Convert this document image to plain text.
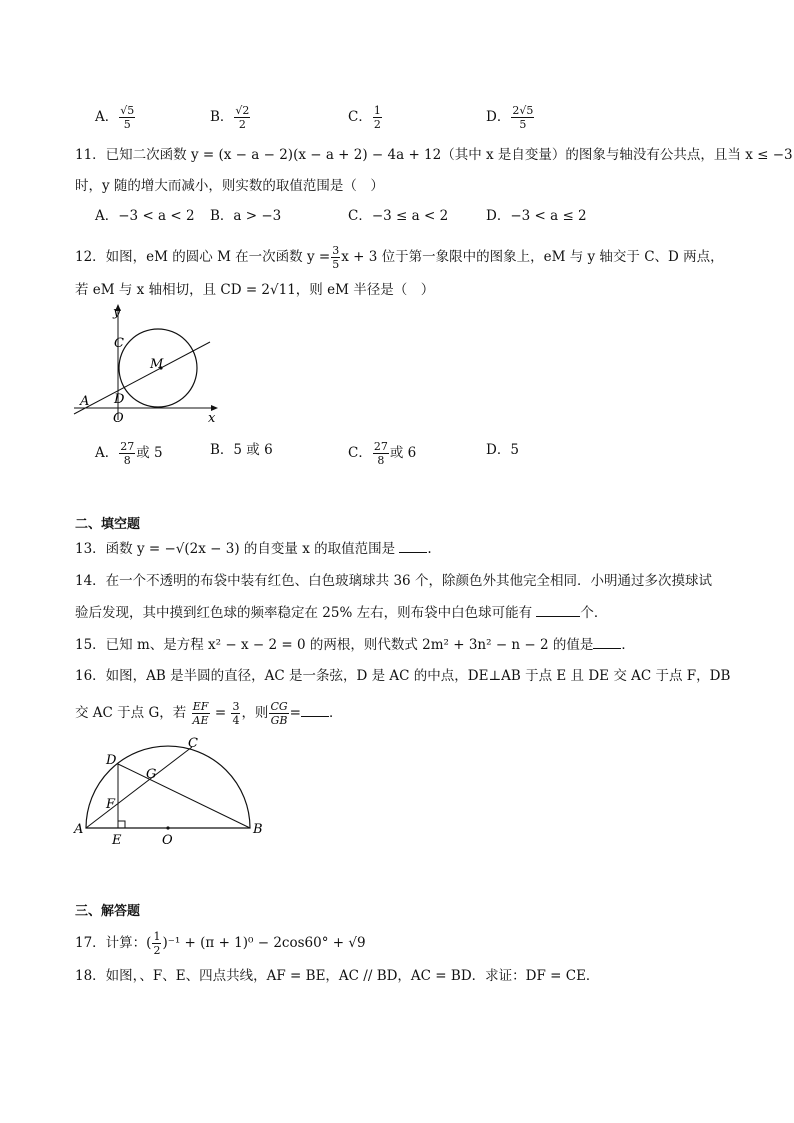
A． $\frac{√5}{5}$	B． $\frac{√2}{2}$	C． $\frac{1}{2}$	D． $\frac{2√5}{5}$
11．已知二次函数 y = (x − a − 2)(x − a + 2) − 4a + 12（其中 x 是自变量）的图象与轴没有公共点，且当 x ≤ −3
时，y 随的增大而减小，则实数的取值范围是（　）
A．−3 < a < 2 B．a > −3	C．−3 ≤ a < 2	D．−3 < a ≤ 2
12．如图，eM 的圆心 M 在一次函数 $y = \frac{3}{5}$ x + 3 位于第一象限中的图象上，eM 与 y 轴交于 C、D 两点，
若 eM 与 x 轴相切，且 CD = 2√11，则 eM 半径是（　）
y
C
M
A D
O	x
A． $\frac{27}{8}$ 或 5	B．5 或 6	C． $\frac{27}{8}$ 或 6	D．5
二、填空题
13．函数 y = −√(2x − 3) 的自变量 x 的取值范围是 .
14．在一个不透明的布袋中装有红色、白色玻璃球共 36 个，除颜色外其他完全相同．小明通过多次摸球试
验后发现，其中摸到红色球的频率稳定在 25% 左右，则布袋中白色球可能有	个．
15．已知 m、是方程 x² − x − 2 = 0 的两根，则代数式 2m² + 3n² − n − 2 的值是 ．
16．如图，AB 是半圆的直径，AC 是一条弦，D 是 AC 的中点，DE⊥AB 于点 E 且 DE 交 AC 于点 F，DB
交 AC 于点 G，若 $\frac{EF}{AE} = \frac{3}{4}$ ，则 $\frac{CG}{GB}$ = ．
D
C
G
F
A
E	O
B
三、解答题
17．计算：( $\frac{1}{2} )^{-1} + (\pi + 1)^0 - 2\cos 60^\circ + √9$
18．如图，、F、E、四点共线，AF = BE，AC // BD，AC = BD．求证：DF = CE．
